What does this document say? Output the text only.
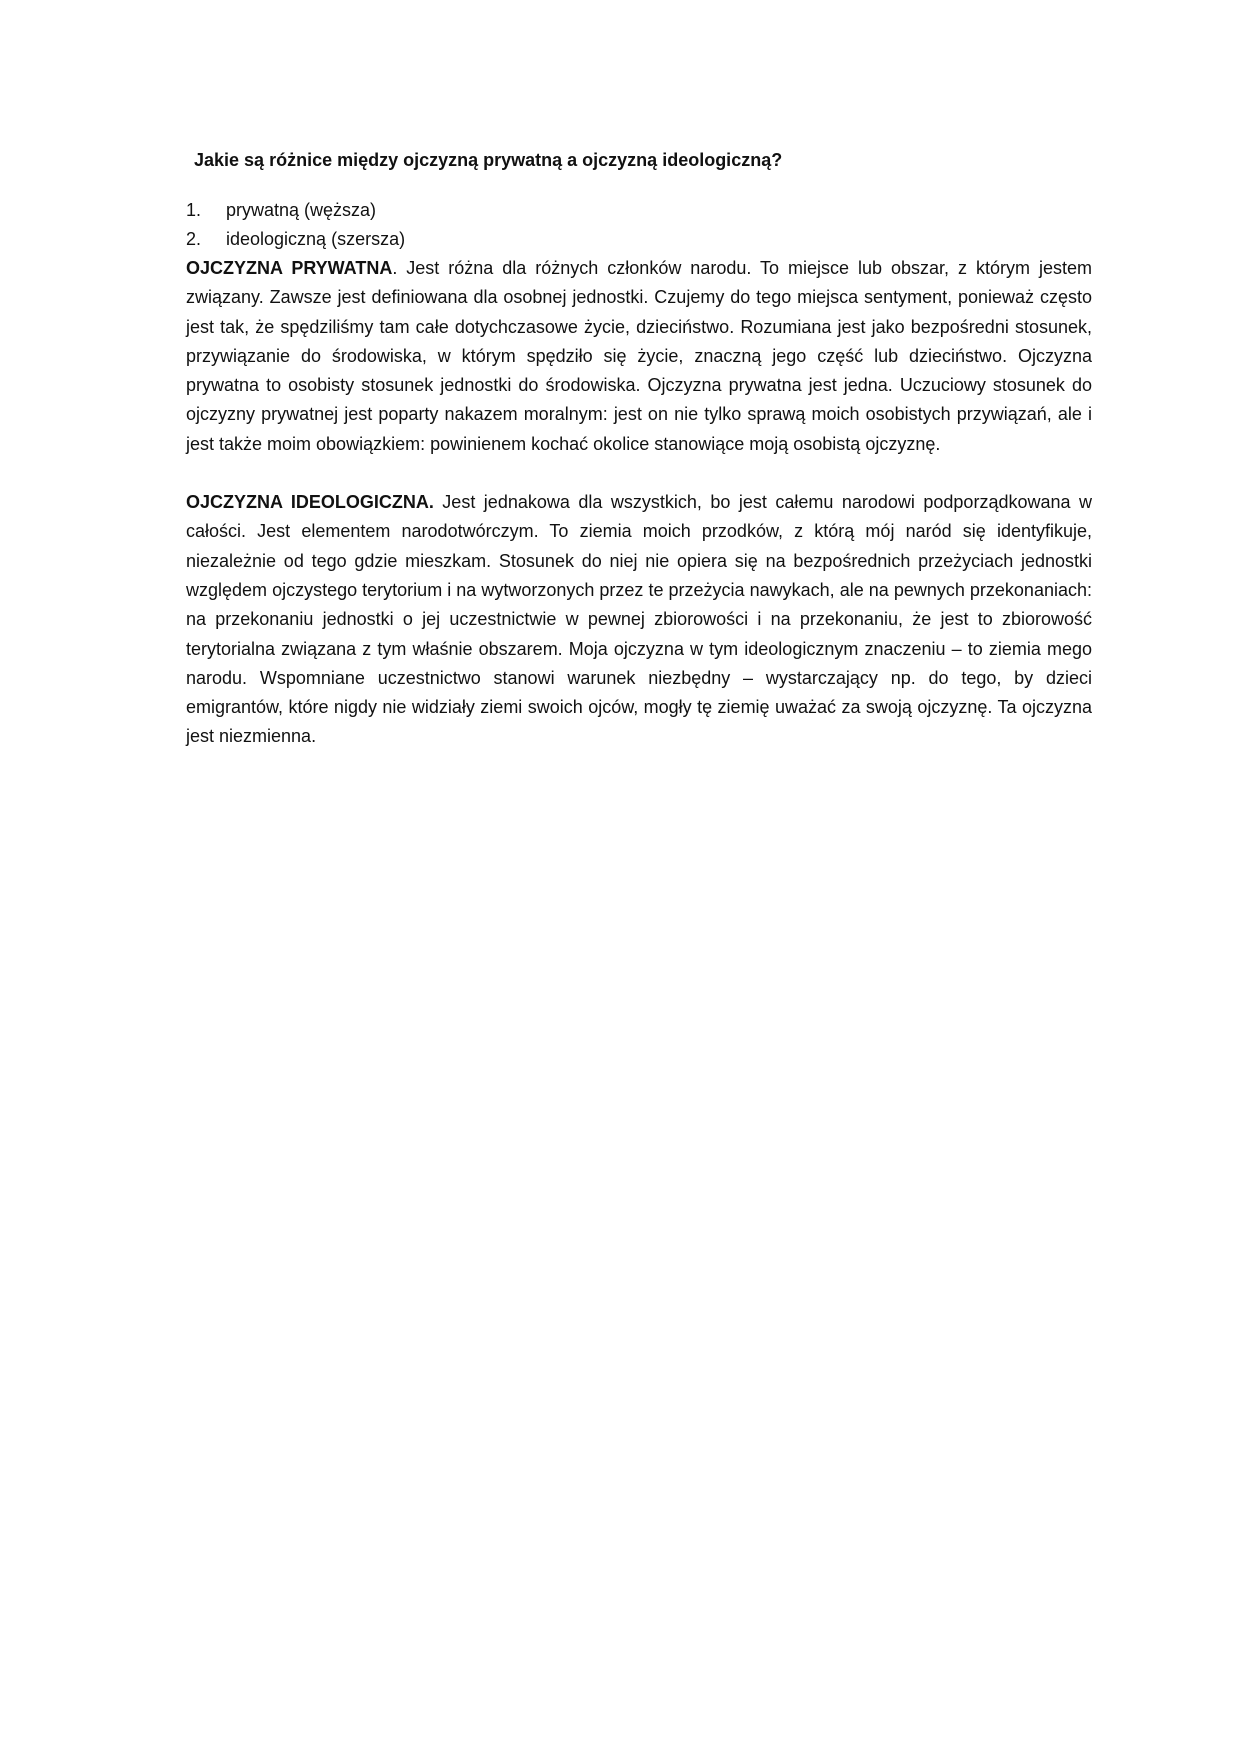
Jakie są różnice między ojczyzną prywatną a ojczyzną ideologiczną?
1.	prywatną (węższa)
2.	ideologiczną (szersza)

OJCZYZNA PRYWATNA. Jest różna dla różnych członków narodu. To miejsce lub obszar, z którym jestem związany. Zawsze jest definiowana dla osobnej jednostki. Czujemy do tego miejsca sentyment, ponieważ często jest tak, że spędziliśmy tam całe dotychczasowe życie, dzieciństwo. Rozumiana jest jako bezpośredni stosunek, przywiązanie do środowiska, w którym spędziło się życie, znaczną jego część lub dzieciństwo. Ojczyzna prywatna to osobisty stosunek jednostki do środowiska. Ojczyzna prywatna jest jedna. Uczuciowy stosunek do ojczyzny prywatnej jest poparty nakazem moralnym: jest on nie tylko sprawą moich osobistych przywiązań, ale i jest także moim obowiązkiem: powinienem kochać okolice stanowiące moją osobistą ojczyznę.

OJCZYZNA IDEOLOGICZNA. Jest jednakowa dla wszystkich, bo jest całemu narodowi podporządkowana w całości. Jest elementem narodotwórczym. To ziemia moich przodków, z którą mój naród się identyfikuje, niezależnie od tego gdzie mieszkam. Stosunek do niej nie opiera się na bezpośrednich przeżyciach jednostki względem ojczystego terytorium i na wytworzonych przez te przeżycia nawykach, ale na pewnych przekonaniach: na przekonaniu jednostki o jej uczestnictwie w pewnej zbiorowości i na przekonaniu, że jest to zbiorowość terytorialna związana z tym właśnie obszarem. Moja ojczyzna w tym ideologicznym znaczeniu – to ziemia mego narodu. Wspomniane uczestnictwo stanowi warunek niezbędny – wystarczający np. do tego, by dzieci emigrantów, które nigdy nie widziały ziemi swoich ojców, mogły tę ziemię uważać za swoją ojczyznę. Ta ojczyzna jest niezmienna.
